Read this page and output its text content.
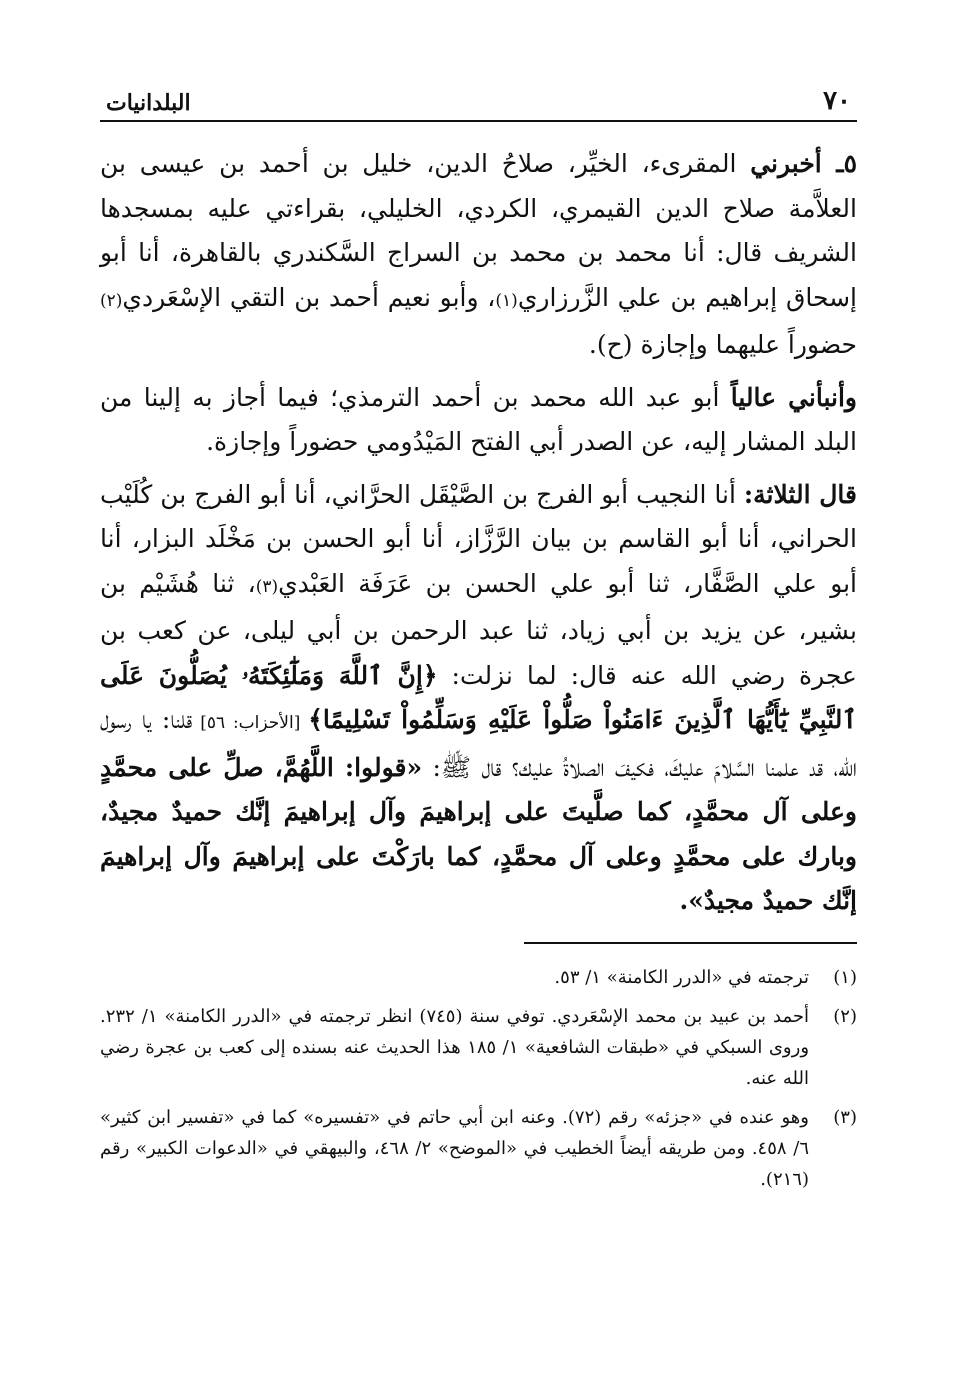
٧٠
البلدانيات

٥ـ أخبرني المقرىء، الخيِّر، صلاحُ الدين، خليل بن أحمد بن عيسى بن العلاَّمة صلاح الدين القيمري، الكردي، الخليلي، بقراءتي عليه بمسجدها الشريف قال: أنا محمد بن محمد بن السراج السَّكندري بالقاهرة، أنا أبو إسحاق إبراهيم بن علي الزَّرزاري(١)، وأبو نعيم أحمد بن التقي الإسْعَردي(٢) حضوراً عليهما وإجازة (ح).

وأنبأني عالياً أبو عبد الله محمد بن أحمد الترمذي؛ فيما أجاز به إلينا من البلد المشار إليه، عن الصدر أبي الفتح المَيْدُومي حضوراً وإجازة.

قال الثلاثة: أنا النجيب أبو الفرج بن الصَّيْقَل الحرَّاني، أنا أبو الفرج بن كُلَيْب الحراني، أنا أبو القاسم بن بيان الرَّزَّاز، أنا أبو الحسن بن مَخْلَد البزار، أنا أبو علي الصَّفَّار، ثنا أبو علي الحسن بن عَرَفَة العَبْدي(٣)، ثنا هُشَيْم بن بشير، عن يزيد بن أبي زياد، ثنا عبد الرحمن بن أبي ليلى، عن كعب بن عجرة رضي الله عنه قال: لما نزلت: ﴿إِنَّ ٱللَّهَ وَمَلَٰٓئِكَتَهُۥ يُصَلُّونَ عَلَى ٱلنَّبِيِّ يَٰٓأَيُّهَا ٱلَّذِينَ ءَامَنُواْ صَلُّواْ عَلَيْهِ وَسَلِّمُواْ تَسْلِيمًا﴾ [الأحزاب: ٥٦] قلنا: يا رسول الله، قد علمنا السَّلامَ عليكَ، فكيفَ الصلاةُ عليك؟ قال ﷺ: «قولوا: اللَّهُمَّ، صلِّ على محمَّدٍ وعلى آل محمَّدٍ، كما صلَّيتَ على إبراهيمَ وآل إبراهيمَ إنَّك حميدٌ مجيدٌ، وبارك على محمَّدٍ وعلى آل محمَّدٍ، كما بارَكْتَ على إبراهيمَ وآل إبراهيمَ إنَّك حميدٌ مجيدٌ».

(١)
ترجمته في «الدرر الكامنة» ١/ ٥٣.
(٢)
أحمد بن عبيد بن محمد الإسْعَردي. توفي سنة (٧٤٥) انظر ترجمته في «الدرر الكامنة» ١/ ٢٣٢. وروى السبكي في «طبقات الشافعية» ١/ ١٨٥ هذا الحديث عنه بسنده إلى كعب بن عجرة رضي الله عنه.
(٣)
وهو عنده في «جزئه» رقم (٧٢). وعنه ابن أبي حاتم في «تفسيره» كما في «تفسير ابن كثير» ٦/ ٤٥٨. ومن طريقه أيضاً الخطيب في «الموضح» ٢/ ٤٦٨، والبيهقي في «الدعوات الكبير» رقم (٢١٦).
